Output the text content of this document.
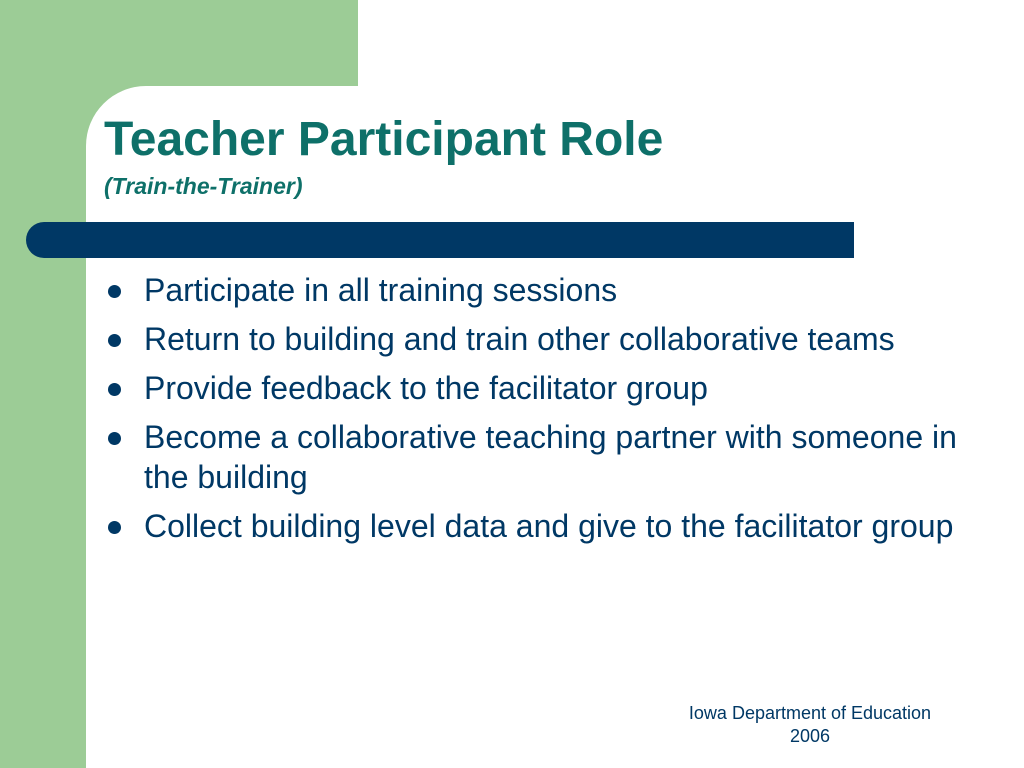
Teacher Participant Role
(Train-the-Trainer)
Participate in all training sessions
Return to building and train other collaborative teams
Provide feedback to the facilitator group
Become a collaborative teaching partner with someone in the building
Collect building level data and give to the facilitator group
Iowa Department of Education
2006
